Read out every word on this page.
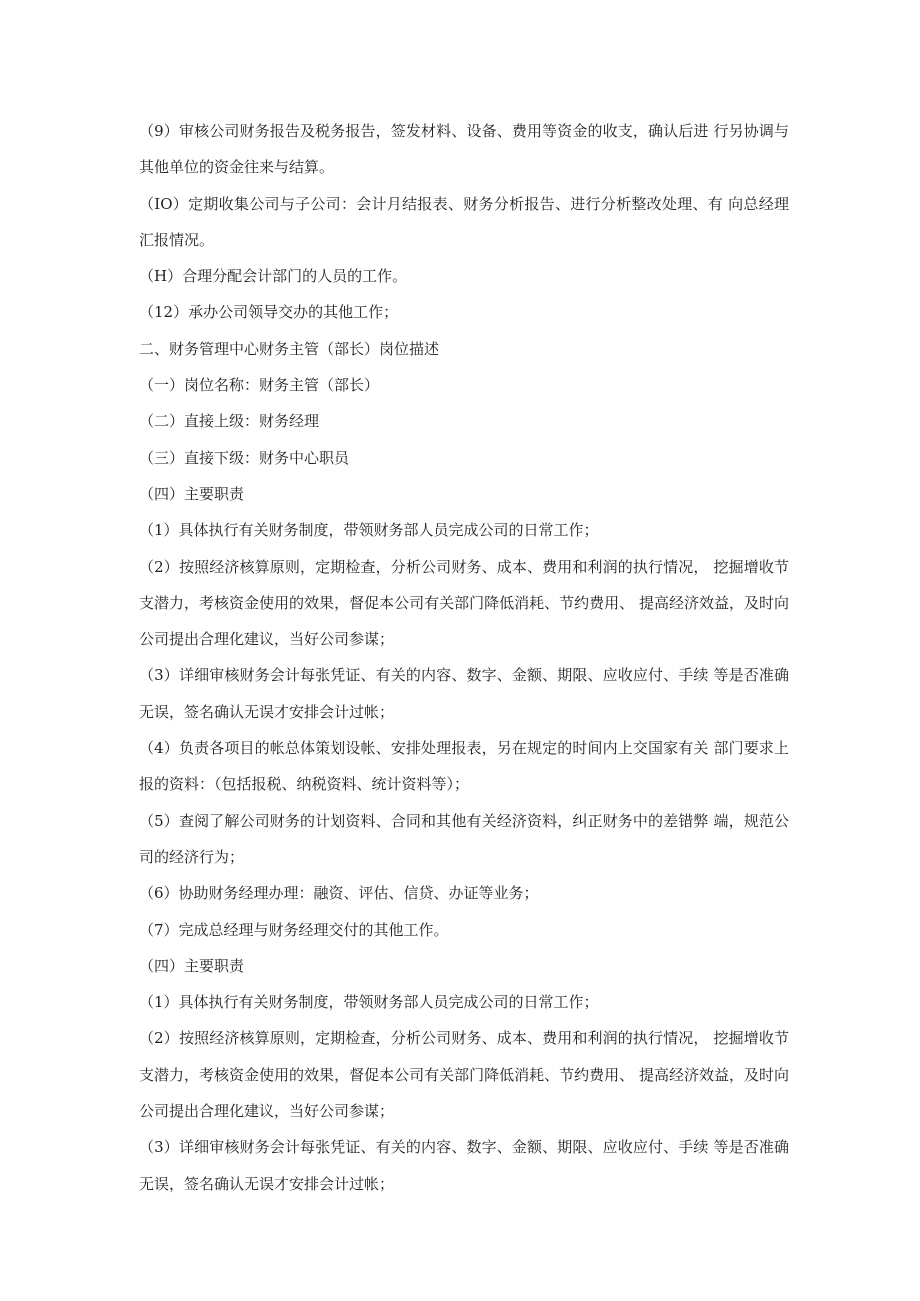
（9）审核公司财务报告及税务报告，签发材料、设备、费用等资金的收支，确认后进 行另协调与其他单位的资金往来与结算。

（IO）定期收集公司与子公司：会计月结报表、财务分析报告、进行分析整改处理、有 向总经理汇报情况。

（H）合理分配会计部门的人员的工作。

（12）承办公司领导交办的其他工作；

二、财务管理中心财务主管（部长）岗位描述

（一）岗位名称：财务主管（部长）

（二）直接上级：财务经理

（三）直接下级：财务中心职员

（四）主要职责

（1）具体执行有关财务制度，带领财务部人员完成公司的日常工作；

（2）按照经济核算原则，定期检查，分析公司财务、成本、费用和利润的执行情况， 挖掘增收节支潜力，考核资金使用的效果，督促本公司有关部门降低消耗、节约费用、 提高经济效益，及时向公司提出合理化建议，当好公司参谋；

（3）详细审核财务会计每张凭证、有关的内容、数字、金额、期限、应收应付、手续 等是否准确无误，签名确认无误才安排会计过帐；

（4）负责各项目的帐总体策划设帐、安排处理报表，另在规定的时间内上交国家有关 部门要求上报的资料：（包括报税、纳税资料、统计资料等）；

（5）查阅了解公司财务的计划资料、合同和其他有关经济资料，纠正财务中的差错弊 端，规范公司的经济行为；

（6）协助财务经理办理：融资、评估、信贷、办证等业务；

（7）完成总经理与财务经理交付的其他工作。

（四）主要职责

（1）具体执行有关财务制度，带领财务部人员完成公司的日常工作；

（2）按照经济核算原则，定期检查，分析公司财务、成本、费用和利润的执行情况， 挖掘增收节支潜力，考核资金使用的效果，督促本公司有关部门降低消耗、节约费用、 提高经济效益，及时向公司提出合理化建议，当好公司参谋；

（3）详细审核财务会计每张凭证、有关的内容、数字、金额、期限、应收应付、手续 等是否准确无误，签名确认无误才安排会计过帐；
